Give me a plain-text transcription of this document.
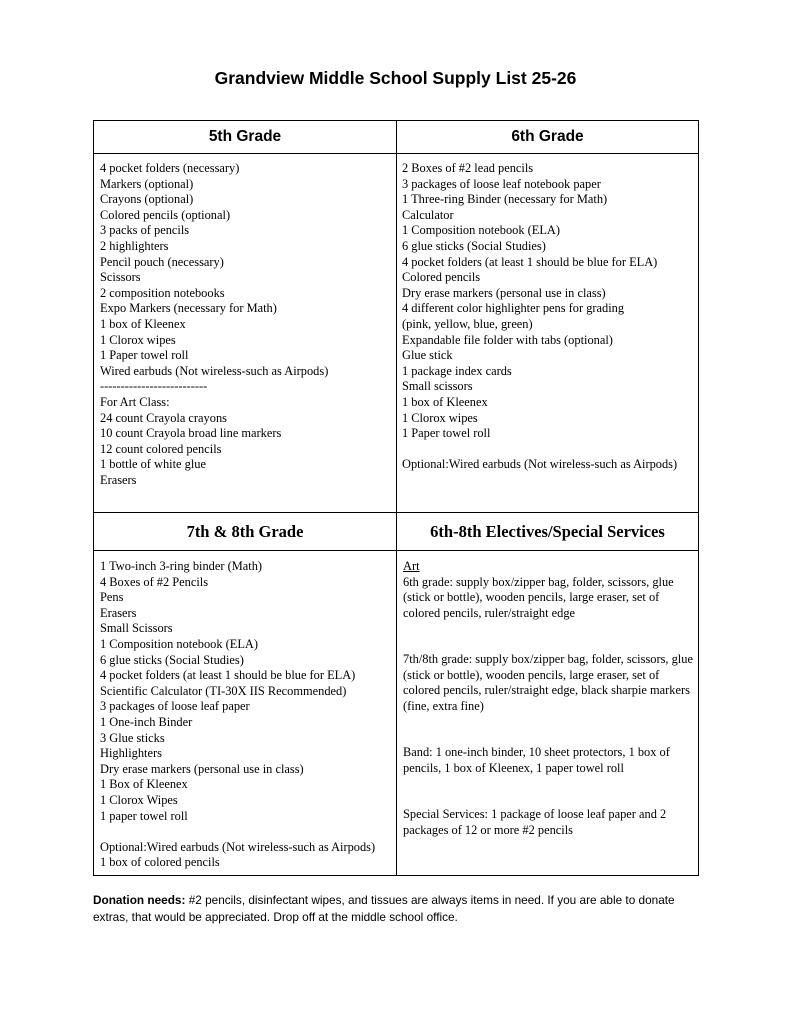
Grandview Middle School Supply List 25-26
5th Grade	6th Grade
7th & 8th Grade	6th-8th Electives/Special Services
4 pocket folders (necessary)
Markers (optional)
Crayons (optional)
Colored pencils (optional)
3 packs of pencils
2 highlighters
Pencil pouch (necessary)
Scissors
2 composition notebooks
Expo Markers (necessary for Math)
1 box of Kleenex
1 Clorox wipes
1 Paper towel roll
Wired earbuds (Not wireless-such as Airpods)
--------------------------
For Art Class:
24 count Crayola crayons
10 count Crayola broad line markers
12 count colored pencils
1 bottle of white glue
Erasers
2 Boxes of #2 lead pencils
3 packages of loose leaf notebook paper
1 Three-ring Binder (necessary for Math)
Calculator
1 Composition notebook (ELA)
6 glue sticks (Social Studies)
4 pocket folders (at least 1 should be blue for ELA)
Colored pencils
Dry erase markers (personal use in class)
4 different color highlighter pens for grading
(pink, yellow, blue, green)
Expandable file folder with tabs (optional)
Glue stick
1 package index cards
Small scissors
1 box of Kleenex
1 Clorox wipes
1 Paper towel roll
Optional:Wired earbuds (Not wireless-such as Airpods)
1 Two-inch 3-ring binder (Math)
4 Boxes of #2 Pencils
Pens
Erasers
Small Scissors
1 Composition notebook (ELA)
6 glue sticks (Social Studies)
4 pocket folders (at least 1 should be blue for ELA)
Scientific Calculator (TI-30X IIS Recommended)
3 packages of loose leaf paper
1 One-inch Binder
3 Glue sticks
Highlighters
Dry erase markers (personal use in class)
1 Box of Kleenex
1 Clorox Wipes
1 paper towel roll
Optional:Wired earbuds (Not wireless-such as Airpods)
1 box of colored pencils
Art
6th grade: supply box/zipper bag, folder, scissors, glue (stick or bottle), wooden pencils, large eraser, set of colored pencils, ruler/straight edge
7th/8th grade: supply box/zipper bag, folder, scissors, glue (stick or bottle), wooden pencils, large eraser, set of colored pencils, ruler/straight edge, black sharpie markers (fine, extra fine)
Band: 1 one-inch binder, 10 sheet protectors, 1 box of pencils, 1 box of Kleenex, 1 paper towel roll
Special Services: 1 package of loose leaf paper and 2 packages of 12 or more #2 pencils
Donation needs: #2 pencils, disinfectant wipes, and tissues are always items in need. If you are able to donate extras, that would be appreciated. Drop off at the middle school office.
